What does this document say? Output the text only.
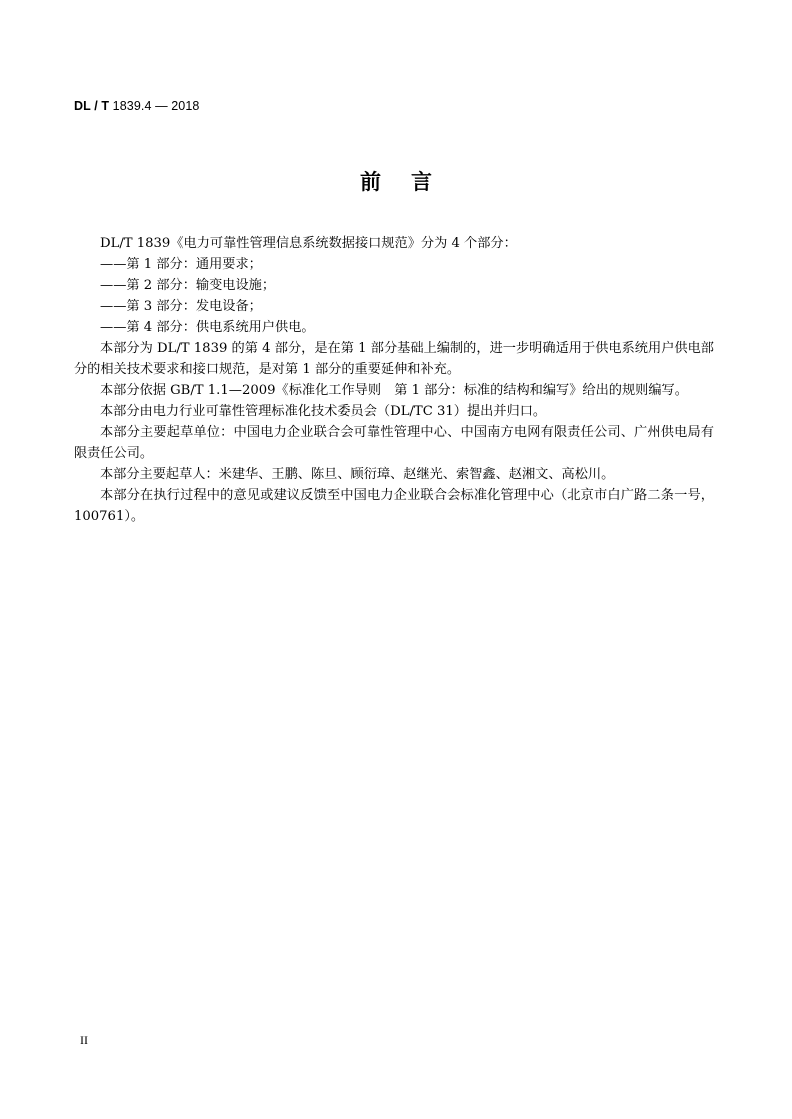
DL / T 1839.4 — 2018
前言

DL/T 1839《电力可靠性管理信息系统数据接口规范》分为 4 个部分：

——第 1 部分：通用要求；

——第 2 部分：输变电设施；

——第 3 部分：发电设备；

——第 4 部分：供电系统用户供电。

本部分为 DL/T 1839 的第 4 部分，是在第 1 部分基础上编制的，进一步明确适用于供电系统用户供电部分的相关技术要求和接口规范，是对第 1 部分的重要延伸和补充。

本部分依据 GB/T 1.1—2009《标准化工作导则　第 1 部分：标准的结构和编写》给出的规则编写。

本部分由电力行业可靠性管理标准化技术委员会（DL/TC 31）提出并归口。

本部分主要起草单位：中国电力企业联合会可靠性管理中心、中国南方电网有限责任公司、广州供电局有限责任公司。

本部分主要起草人：米建华、王鹏、陈旦、顾衍璋、赵继光、索智鑫、赵湘文、高松川。

本部分在执行过程中的意见或建议反馈至中国电力企业联合会标准化管理中心（北京市白广路二条一号，100761）。

II
